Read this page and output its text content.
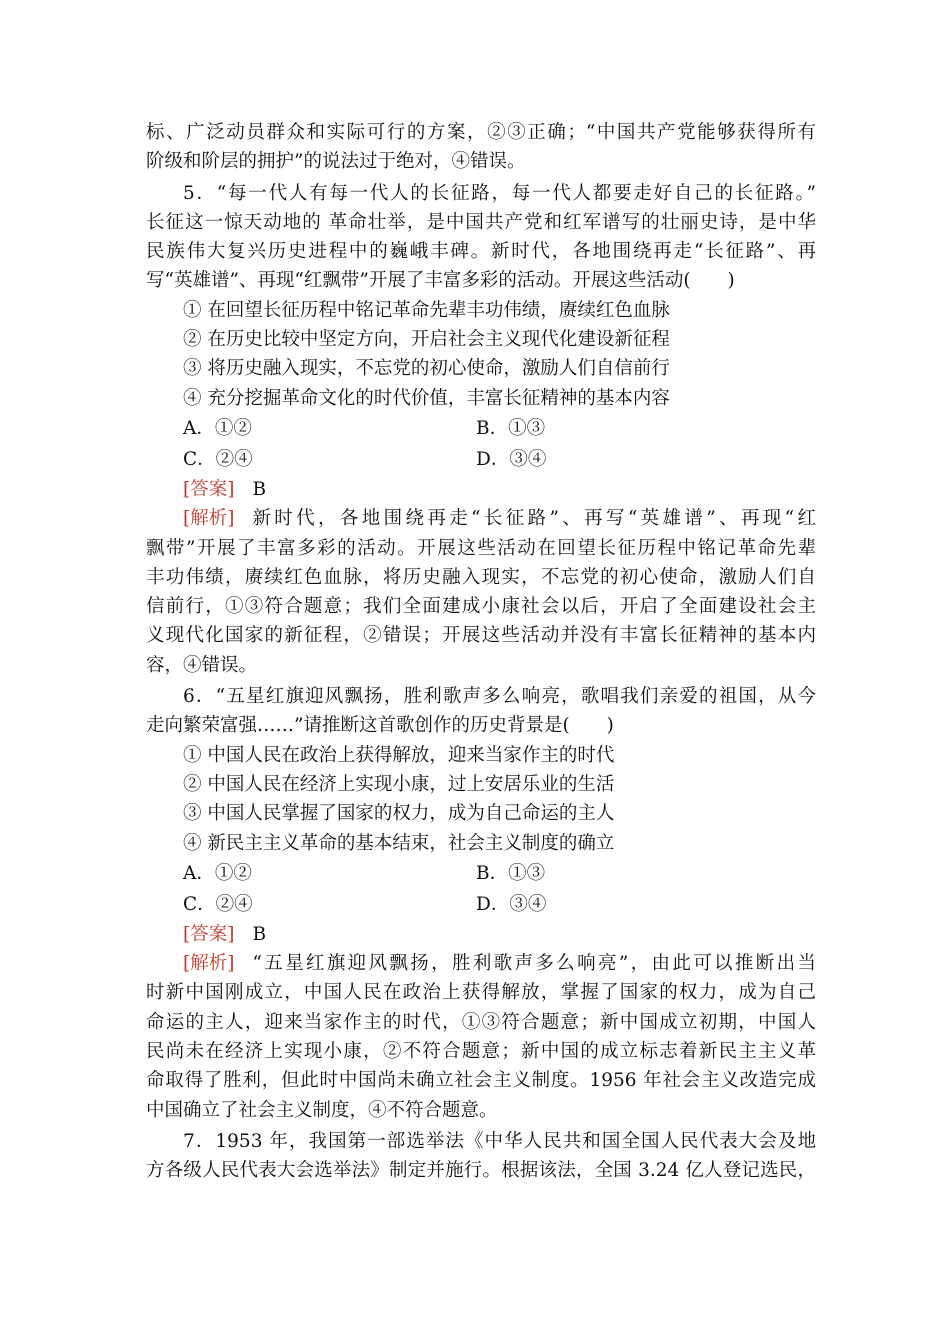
标、广泛动员群众和实际可行的方案，②③正确；“中国共产党能够获得所有
阶级和阶层的拥护”的说法过于绝对，④错误。
5．“每一代人有每一代人的长征路，每一代人都要走好自己的长征路。”
长征这一惊天动地的 革命壮举，是中国共产党和红军谱写的壮丽史诗，是中华
民族伟大复兴历史进程中的巍峨丰碑。新时代，各地围绕再走“长征路”、再
写“英雄谱”、再现“红飘带”开展了丰富多彩的活动。开展这些活动(　　)
① 在回望长征历程中铭记革命先辈丰功伟绩，赓续红色血脉
② 在历史比较中坚定方向，开启社会主义现代化建设新征程
③ 将历史融入现实，不忘党的初心使命，激励人们自信前行
④ 充分挖掘革命文化的时代价值，丰富长征精神的基本内容
A．①②	B．①③
C．②④	D．③④
[答案] B
[解析] 新时代，各地围绕再走“长征路”、再写“英雄谱”、再现“红
飘带”开展了丰富多彩的活动。开展这些活动在回望长征历程中铭记革命先辈
丰功伟绩，赓续红色血脉，将历史融入现实，不忘党的初心使命，激励人们自
信前行，①③符合题意；我们全面建成小康社会以后，开启了全面建设社会主
义现代化国家的新征程，②错误；开展这些活动并没有丰富长征精神的基本内
容，④错误。
6．“五星红旗迎风飘扬，胜利歌声多么响亮，歌唱我们亲爱的祖国，从今
走向繁荣富强……”请推断这首歌创作的历史背景是(　　)
① 中国人民在政治上获得解放，迎来当家作主的时代
② 中国人民在经济上实现小康，过上安居乐业的生活
③ 中国人民掌握了国家的权力，成为自己命运的主人
④ 新民主主义革命的基本结束，社会主义制度的确立
A．①②	B．①③
C．②④	D．③④
[答案] B
[解析] “五星红旗迎风飘扬，胜利歌声多么响亮”，由此可以推断出当
时新中国刚成立，中国人民在政治上获得解放，掌握了国家的权力，成为自己
命运的主人，迎来当家作主的时代，①③符合题意；新中国成立初期，中国人
民尚未在经济上实现小康，②不符合题意；新中国的成立标志着新民主主义革
命取得了胜利，但此时中国尚未确立社会主义制度。1956 年社会主义改造完成
中国确立了社会主义制度，④不符合题意。
7．1953 年，我国第一部选举法《中华人民共和国全国人民代表大会及地
方各级人民代表大会选举法》制定并施行。根据该法，全国 3.24 亿人登记选民，
